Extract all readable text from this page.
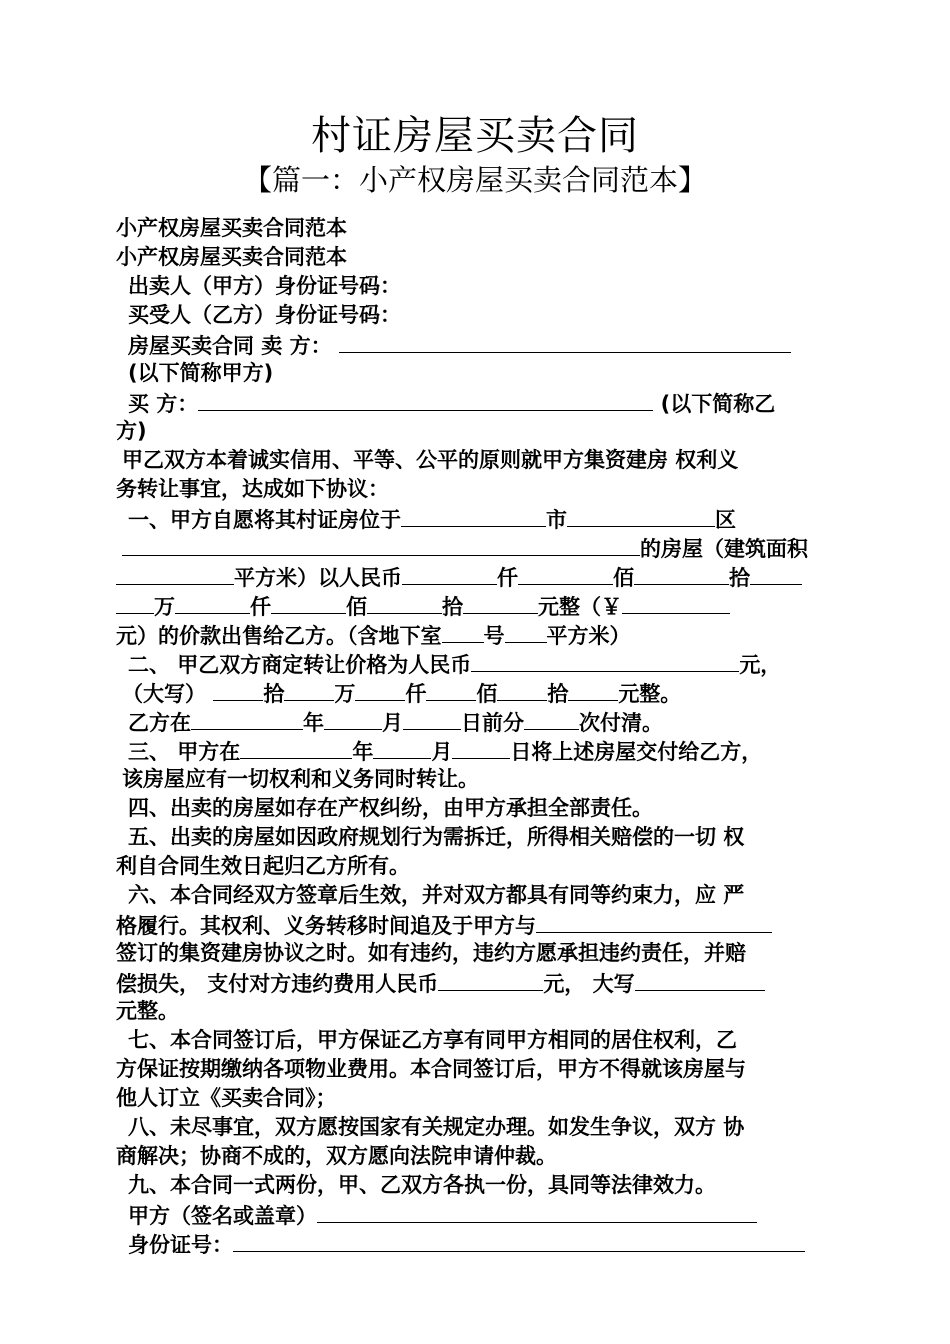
村证房屋买卖合同
【篇一：小产权房屋买卖合同范本】
小产权房屋买卖合同范本
小产权房屋买卖合同范本
出卖人（甲方）身份证号码：
买受人（乙方）身份证号码：
房屋买卖合同 卖 方：
(以下简称甲方)
买 方：	(以下简称乙
方)
甲乙双方本着诚实信用、平等、公平的原则就甲方集资建房 权利义
务转让事宜，达成如下协议：
一、甲方自愿将其村证房位于	市	区
的房屋（建筑面积
平方米）以人民币	仟	佰	拾
万	仟	佰	拾	元整（￥
元）的价款出售给乙方。（含地下室 号 平方米）
二、 甲乙双方商定转让价格为人民币	元，
（大写）	拾 万 仟 佰 拾 元整。
乙方在	年	月	日前分	次付清。
三、 甲方在	年	月	日将上述房屋交付给乙方，
该房屋应有一切权利和义务同时转让。
四、出卖的房屋如存在产权纠纷，由甲方承担全部责任。
五、出卖的房屋如因政府规划行为需拆迁，所得相关赔偿的一切 权
利自合同生效日起归乙方所有。
六、本合同经双方签章后生效，并对双方都具有同等约束力，应 严
格履行。其权利、义务转移时间追及于甲方与
签订的集资建房协议之时。如有违约，违约方愿承担违约责任，并赔
偿损失， 支付对方违约费用人民币	元， 大写
元整。
七、本合同签订后，甲方保证乙方享有同甲方相同的居住权利，乙
方保证按期缴纳各项物业费用。本合同签订后，甲方不得就该房屋与
他人订立《买卖合同》；
八、未尽事宜，双方愿按国家有关规定办理。如发生争议，双方 协
商解决；协商不成的，双方愿向法院申请仲裁。
九、本合同一式两份，甲、乙双方各执一份，具同等法律效力。
甲方（签名或盖章）
身份证号：
